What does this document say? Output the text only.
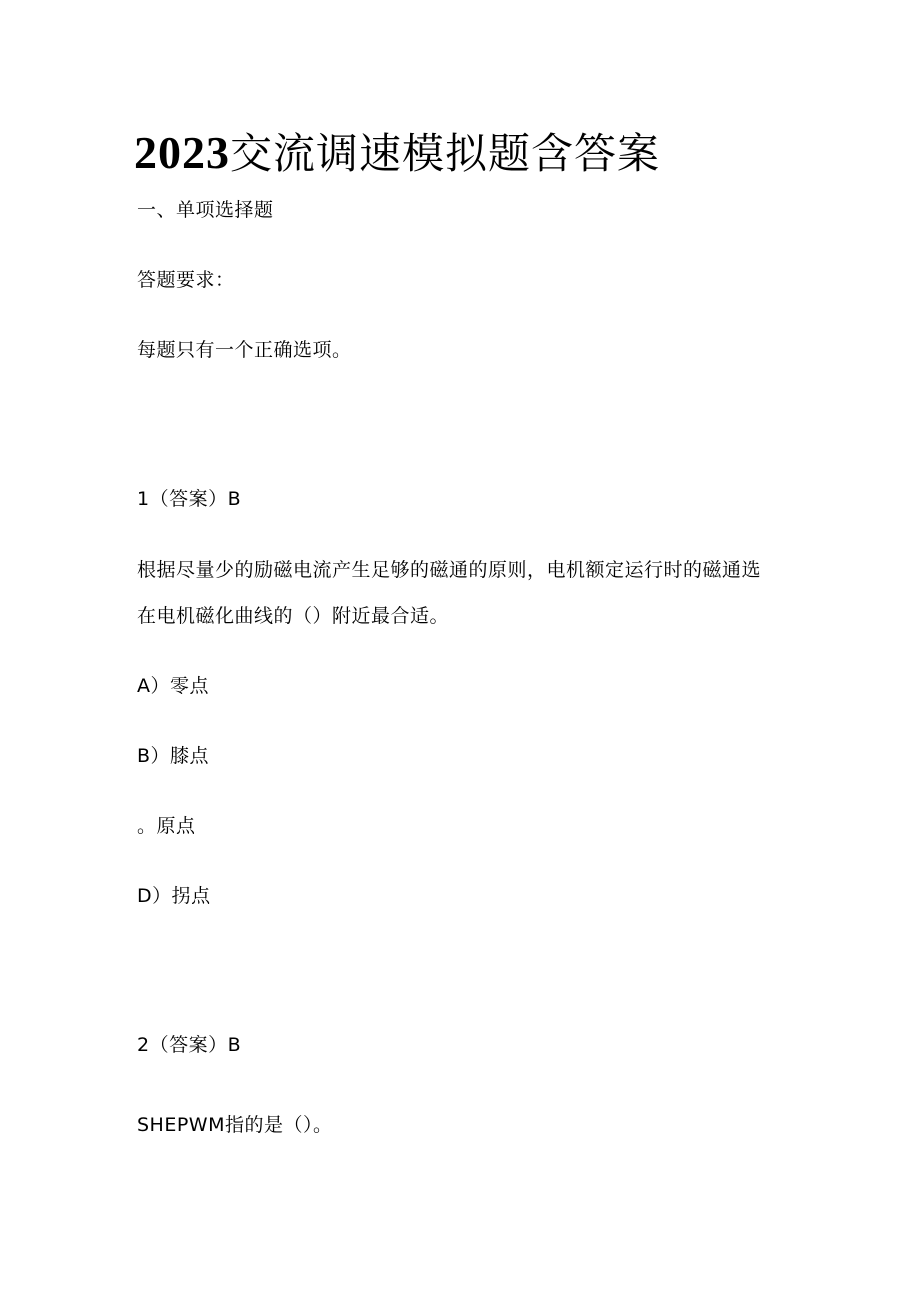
2023交流调速模拟题含答案
一、单项选择题
答题要求：
每题只有一个正确选项。
1（答案）B
根据尽量少的励磁电流产生足够的磁通的原则，电机额定运行时的磁通选
在电机磁化曲线的（）附近最合适。
A）零点
B）膝点
。原点
D）拐点
2（答案）B
SHEPWM指的是（）。
